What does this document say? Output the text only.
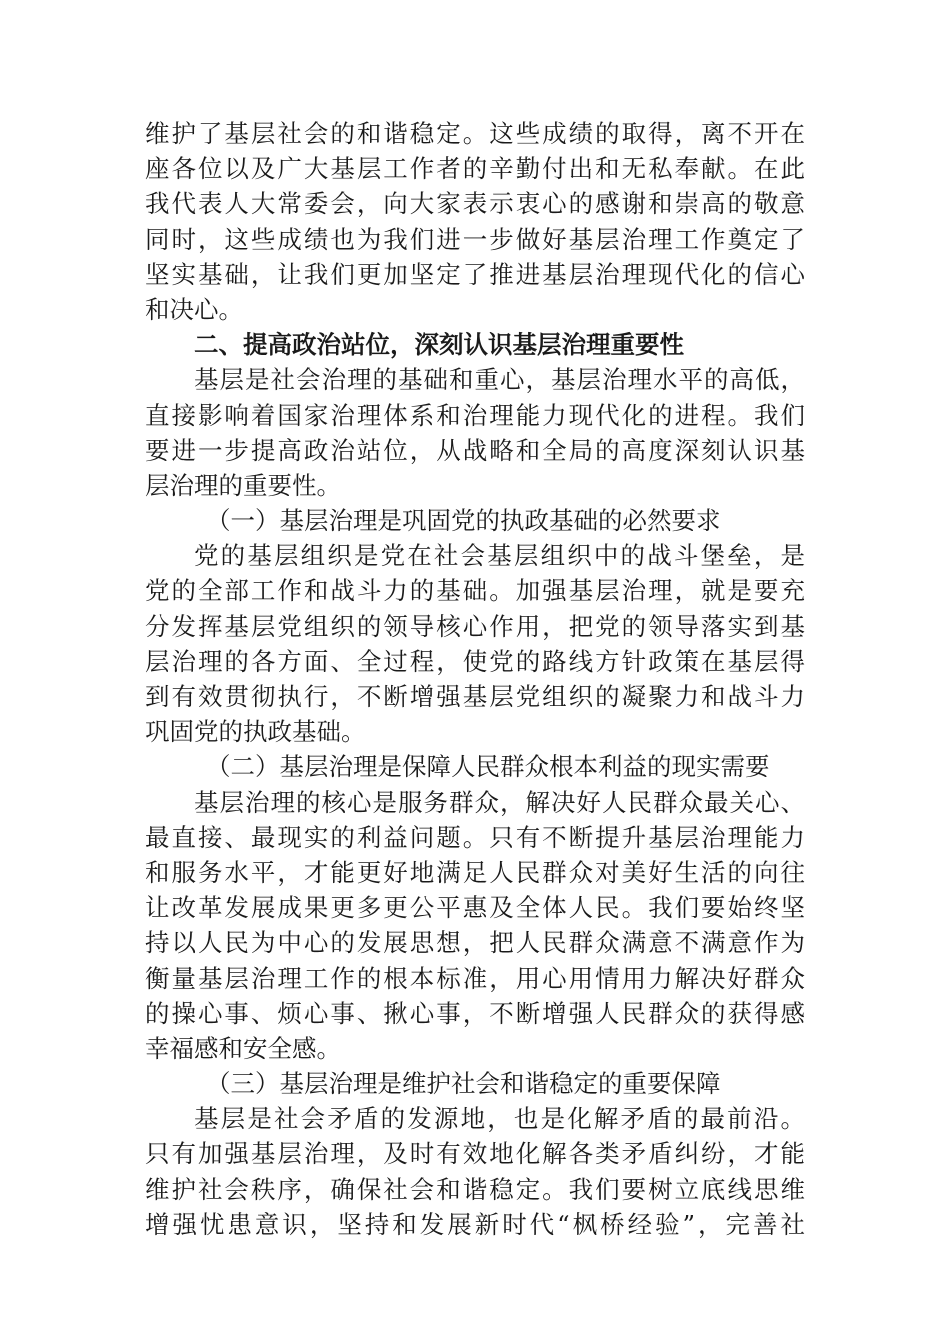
维护了基层社会的和谐稳定。这些成绩的取得，离不开在
座各位以及广大基层工作者的辛勤付出和无私奉献。在此
我代表人大常委会，向大家表示衷心的感谢和崇高的敬意
同时，这些成绩也为我们进一步做好基层治理工作奠定了
坚实基础，让我们更加坚定了推进基层治理现代化的信心
和决心。
二、提高政治站位，深刻认识基层治理重要性
基层是社会治理的基础和重心，基层治理水平的高低，
直接影响着国家治理体系和治理能力现代化的进程。我们
要进一步提高政治站位，从战略和全局的高度深刻认识基
层治理的重要性。
（一）基层治理是巩固党的执政基础的必然要求
党的基层组织是党在社会基层组织中的战斗堡垒，是
党的全部工作和战斗力的基础。加强基层治理，就是要充
分发挥基层党组织的领导核心作用，把党的领导落实到基
层治理的各方面、全过程，使党的路线方针政策在基层得
到有效贯彻执行，不断增强基层党组织的凝聚力和战斗力
巩固党的执政基础。
（二）基层治理是保障人民群众根本利益的现实需要
基层治理的核心是服务群众，解决好人民群众最关心、
最直接、最现实的利益问题。只有不断提升基层治理能力
和服务水平，才能更好地满足人民群众对美好生活的向往
让改革发展成果更多更公平惠及全体人民。我们要始终坚
持以人民为中心的发展思想，把人民群众满意不满意作为
衡量基层治理工作的根本标准，用心用情用力解决好群众
的操心事、烦心事、揪心事，不断增强人民群众的获得感
幸福感和安全感。
（三）基层治理是维护社会和谐稳定的重要保障
基层是社会矛盾的发源地，也是化解矛盾的最前沿。
只有加强基层治理，及时有效地化解各类矛盾纠纷，才能
维护社会秩序，确保社会和谐稳定。我们要树立底线思维
增强忧患意识，坚持和发展新时代“枫桥经验”，完善社
